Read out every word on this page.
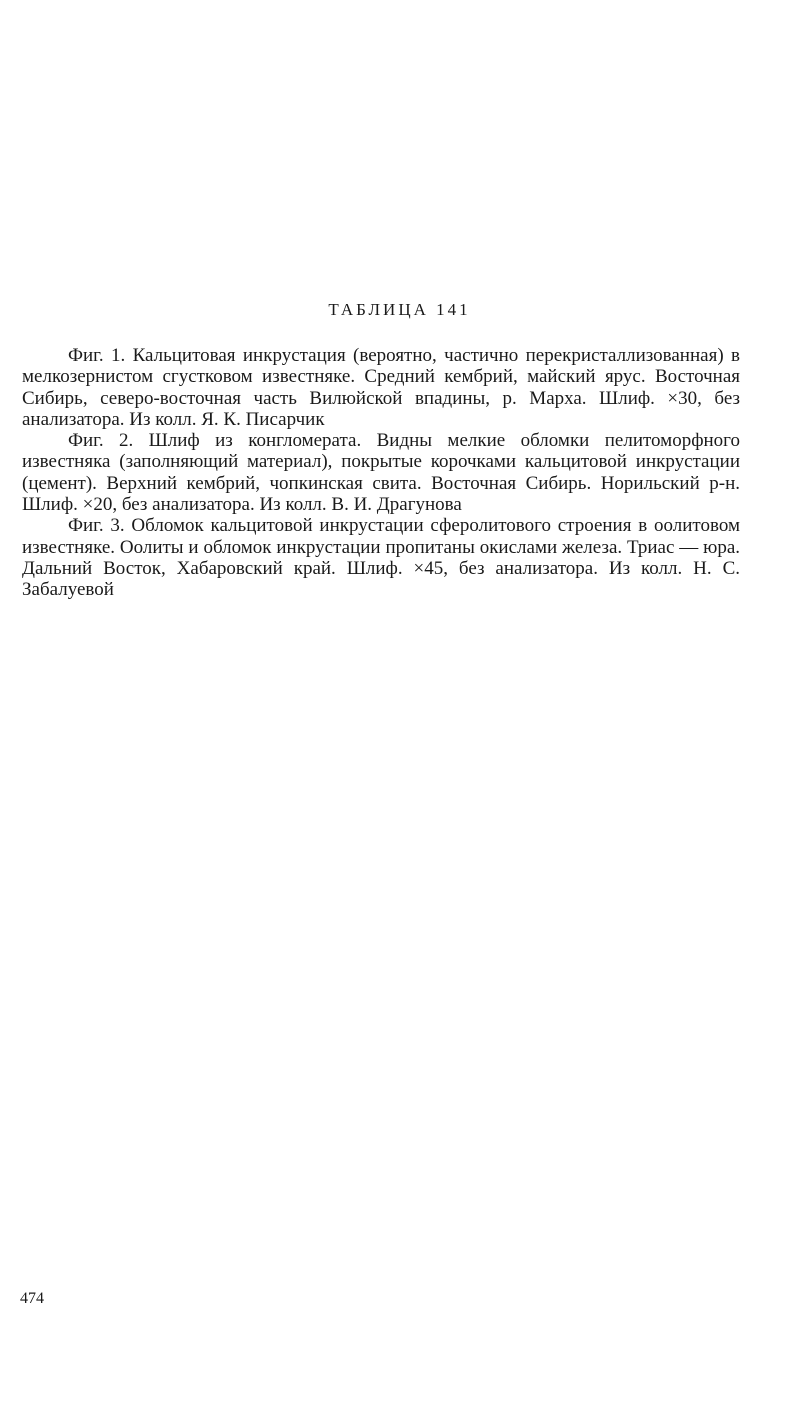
ТАБЛИЦА 141

Фиг. 1. Кальцитовая инкрустация (вероятно, частично перекристаллизованная) в мелкозернистом сгустковом известняке. Средний кембрий, майский ярус. Восточная Сибирь, северо-восточная часть Вилюйской впадины, р. Марха. Шлиф. ×30, без анализатора. Из колл. Я. К. Писарчик

Фиг. 2. Шлиф из конгломерата. Видны мелкие обломки пелитоморфного известняка (заполняющий материал), покрытые корочками кальцитовой инкрустации (цемент). Верхний кембрий, чопкинская свита. Восточная Сибирь. Норильский р-н. Шлиф. ×20, без анализатора. Из колл. В. И. Драгунова

Фиг. 3. Обломок кальцитовой инкрустации сферолитового строения в оолитовом известняке. Оолиты и обломок инкрустации пропитаны окислами железа. Триас — юра. Дальний Восток, Хабаровский край. Шлиф. ×45, без анализатора. Из колл. Н. С. Забалуевой

474
